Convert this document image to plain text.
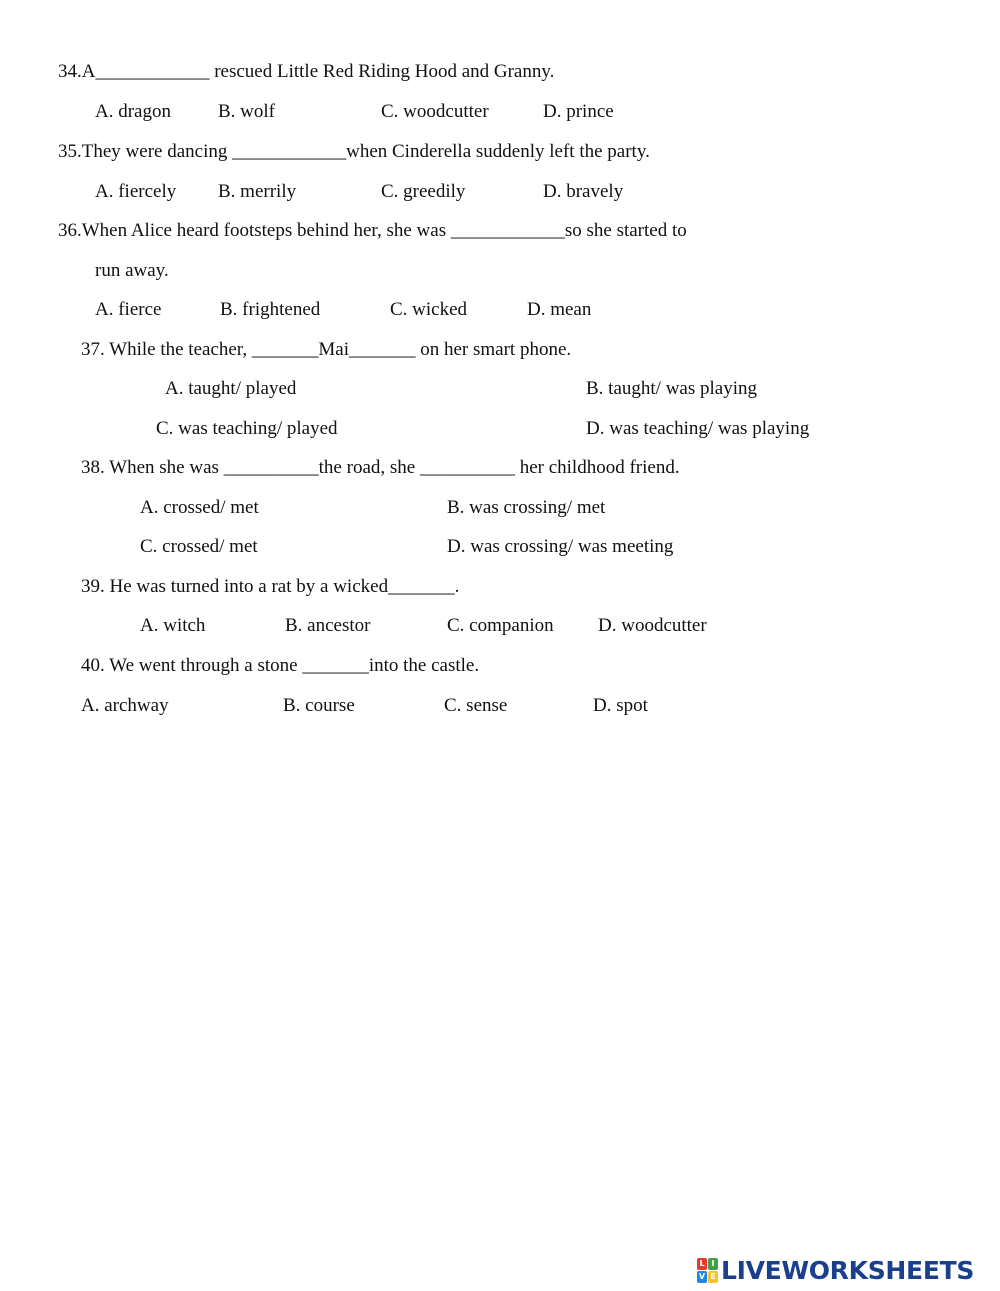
34.A____________ rescued Little Red Riding Hood and Granny.
A. dragon B. wolf	C. woodcutter	D. prince
35.They were dancing ____________when Cinderella suddenly left the party.
A. fiercely B. merrily	C. greedily	D. bravely
36.When Alice heard footsteps behind her, she was ____________so she started to
run away.
A. fierce	B. frightened	C. wicked	D. mean
37. While the teacher, _______Mai_______ on her smart phone.
A. taught/ played	B. taught/ was playing
C. was teaching/ played	D. was teaching/ was playing
38. When she was __________the road, she __________ her childhood friend.
A. crossed/ met	B. was crossing/ met
C. crossed/ met	D. was crossing/ was meeting
39. He was turned into a rat by a wicked_______.
A. witch	B. ancestor	C. companion D. woodcutter
40. We went through a stone _______into the castle.
A. archway	B. course	C. sense	D. spot
L I
V E LIVEWORKSHEETS
